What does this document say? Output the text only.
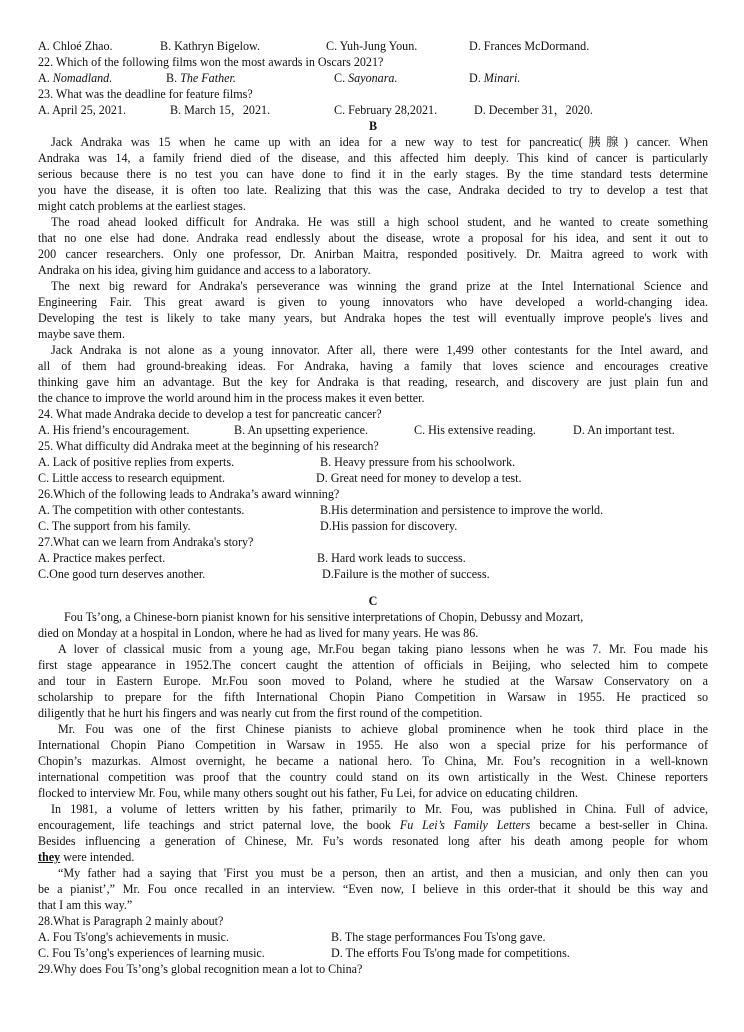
A. Chloé Zhao.	B. Kathryn Bigelow.	C. Yuh-Jung Youn.	D. Frances McDormand.
22. Which of the following films won the most awards in Oscars 2021?
A. Nomadland.	B. The Father.	C. Sayonara.	D. Minari.
23. What was the deadline for feature films?
A. April 25, 2021.	B. March 15，2021.	C. February 28,2021.	D. December 31，2020.
B
Jack Andraka was 15 when he came up with an idea for a new way to test for pancreatic(胰腺) cancer. When
Andraka was 14, a family friend died of the disease, and this affected him deeply. This kind of cancer is particularly
serious because there is no test you can have done to find it in the early stages. By the time standard tests determine
you have the disease, it is often too late. Realizing that this was the case, Andraka decided to try to develop a test that
might catch problems at the earliest stages.
The road ahead looked difficult for Andraka. He was still a high school student, and he wanted to create something
that no one else had done. Andraka read endlessly about the disease, wrote a proposal for his idea, and sent it out to
200 cancer researchers. Only one professor, Dr. Anirban Maitra, responded positively. Dr. Maitra agreed to work with
Andraka on his idea, giving him guidance and access to a laboratory.
The next big reward for Andraka's perseverance was winning the grand prize at the Intel International Science and
Engineering Fair. This great award is given to young innovators who have developed a world-changing idea.
Developing the test is likely to take many years, but Andraka hopes the test will eventually improve people's lives and
maybe save them.
Jack Andraka is not alone as a young innovator. After all, there were 1,499 other contestants for the Intel award, and
all of them had ground-breaking ideas. For Andraka, having a family that loves science and encourages creative
thinking gave him an advantage. But the key for Andraka is that reading, research, and discovery are just plain fun and
the chance to improve the world around him in the process makes it even better.
24. What made Andraka decide to develop a test for pancreatic cancer?
A. His friend’s encouragement.	B. An upsetting experience.	C. His extensive reading.	D. An important test.
25. What difficulty did Andraka meet at the beginning of his research?
A. Lack of positive replies from experts.	B. Heavy pressure from his schoolwork.
C. Little access to research equipment.	D. Great need for money to develop a test.
26.Which of the following leads to Andraka’s award winning?
A. The competition with other contestants.	B.His determination and persistence to improve the world.
C. The support from his family.	D.His passion for discovery.
27.What can we learn from Andraka's story?
A. Practice makes perfect.	B. Hard work leads to success.
C.One good turn deserves another.	D.Failure is the mother of success.
C
Fou Ts’ong, a Chinese-born pianist known for his sensitive interpretations of Chopin, Debussy and Mozart,
died on Monday at a hospital in London, where he had as lived for many years. He was 86.
A lover of classical music from a young age, Mr.Fou began taking piano lessons when he was 7. Mr. Fou made his
first stage appearance in 1952.The concert caught the attention of officials in Beijing, who selected him to compete
and tour in Eastern Europe. Mr.Fou soon moved to Poland, where he studied at the Warsaw Conservatory on a
scholarship to prepare for the fifth International Chopin Piano Competition in Warsaw in 1955. He practiced so
diligently that he hurt his fingers and was nearly cut from the first round of the competition.
Mr. Fou was one of the first Chinese pianists to achieve global prominence when he took third place in the
International Chopin Piano Competition in Warsaw in 1955. He also won a special prize for his performance of
Chopin’s mazurkas. Almost overnight, he became a national hero. To China, Mr. Fou’s recognition in a well-known
international competition was proof that the country could stand on its own artistically in the West. Chinese reporters
flocked to interview Mr. Fou, while many others sought out his father, Fu Lei, for advice on educating children.
In 1981, a volume of letters written by his father, primarily to Mr. Fou, was published in China. Full of advice,
encouragement, life teachings and strict paternal love, the book Fu Lei’s Family Letters became a best-seller in China.
Besides influencing a generation of Chinese, Mr. Fu’s words resonated long after his death among people for whom
they were intended.
“My father had a saying that 'First you must be a person, then an artist, and then a musician, and only then can you
be a pianist’,” Mr. Fou once recalled in an interview. “Even now, I believe in this order-that it should be this way and
that I am this way.”
28.What is Paragraph 2 mainly about?
A. Fou Ts'ong's achievements in music.	B. The stage performances Fou Ts'ong gave.
C. Fou Ts’ong's experiences of learning music.	D. The efforts Fou Ts'ong made for competitions.
29.Why does Fou Ts’ong’s global recognition mean a lot to China?
